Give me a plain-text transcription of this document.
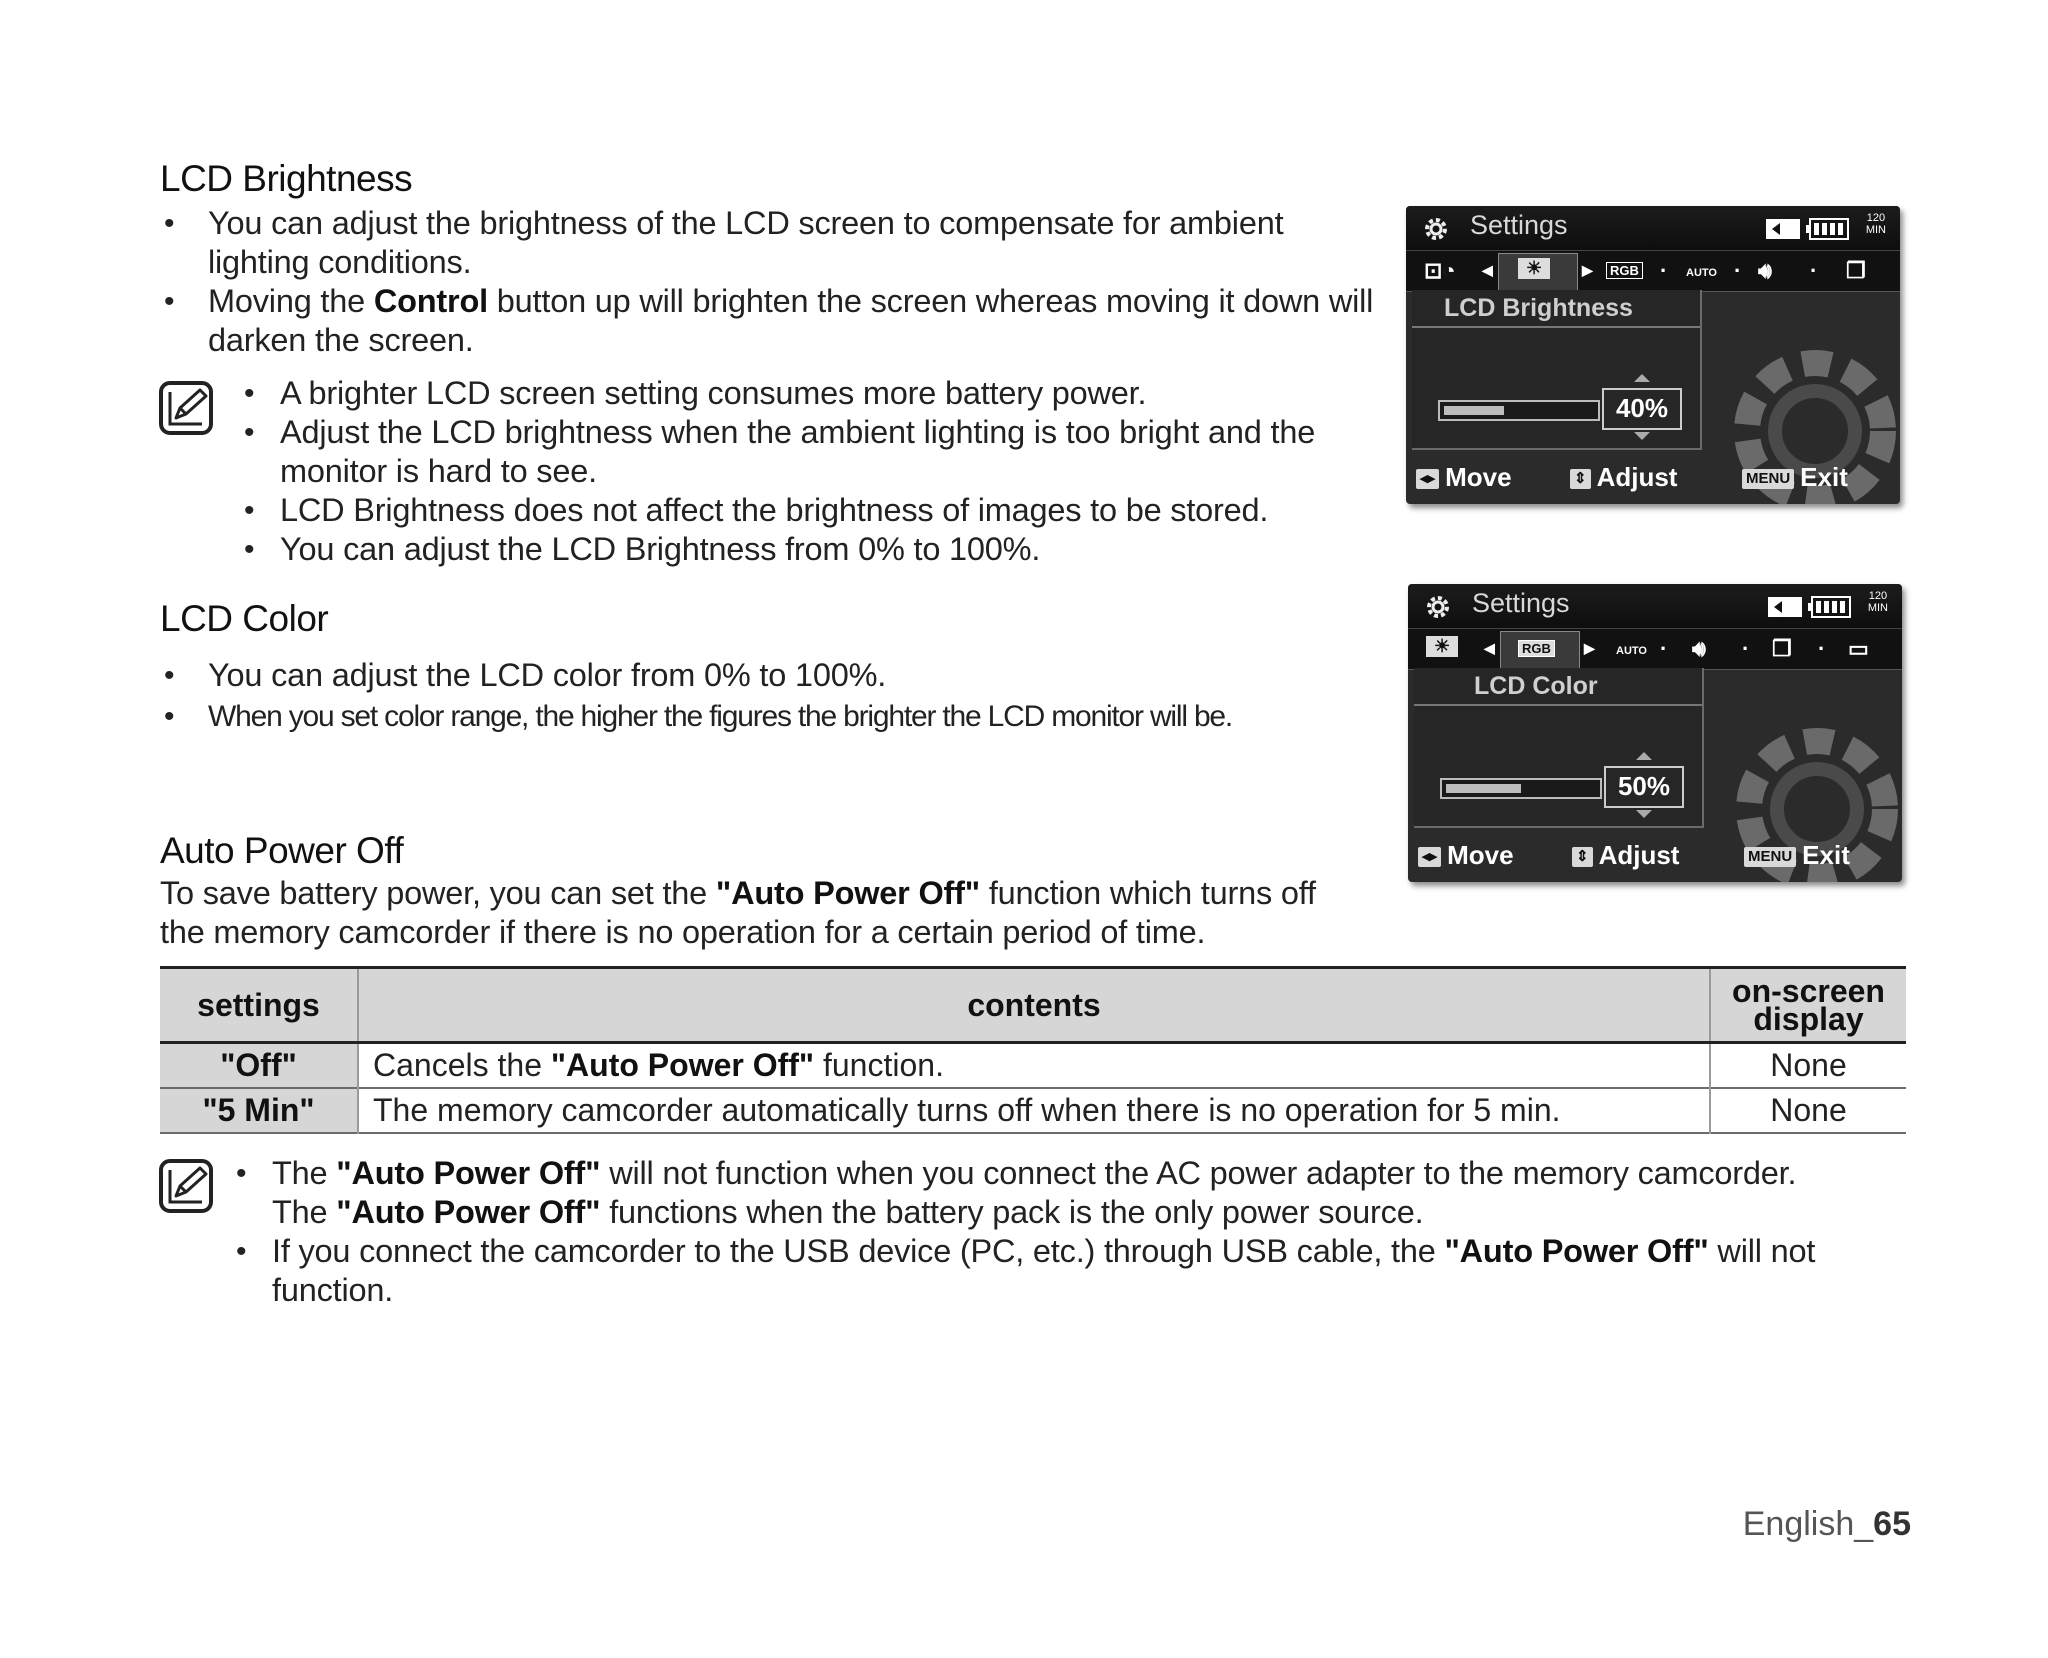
LCD Brightness
• You can adjust the brightness of the LCD screen to compensate for ambient lighting conditions.
• Moving the Control button up will brighten the screen whereas moving it down will darken the screen.
• A brighter LCD screen setting consumes more battery power.
• Adjust the LCD brightness when the ambient lighting is too bright and the monitor is hard to see.
• LCD Brightness does not affect the brightness of images to be stored.
• You can adjust the LCD Brightness from 0% to 100%.
LCD Color
• You can adjust the LCD color from 0% to 100%.
• When you set color range, the higher the figures the brighter the LCD monitor will be.
Auto Power Off
To save battery power, you can set the "Auto Power Off" function which turns off the memory camcorder if there is no operation for a certain period of time.
settings	contents	on-screen display
"Off"	Cancels the "Auto Power Off" function.	None
"5 Min"	The memory camcorder automatically turns off when there is no operation for 5 min.	None
• The "Auto Power Off" will not function when you connect the AC power adapter to the memory camcorder.
The "Auto Power Off" functions when the battery pack is the only power source.
• If you connect the camcorder to the USB device (PC, etc.) through USB cable, the "Auto Power Off" will not function.
Settings	120
MIN
⊡◔ ◀	☀	▶	RGB · AUTO · 🔊︎ · ❐
LCD Brightness
40%
◂▸ Move	⇕ Adjust	MENU Exit
Settings	120
MIN
☀	◀	RGB ▶ AUTO · 🔊︎ · ❐ · ▭
LCD Color
50%
◂▸ Move	⇕ Adjust	MENU Exit
English_65
